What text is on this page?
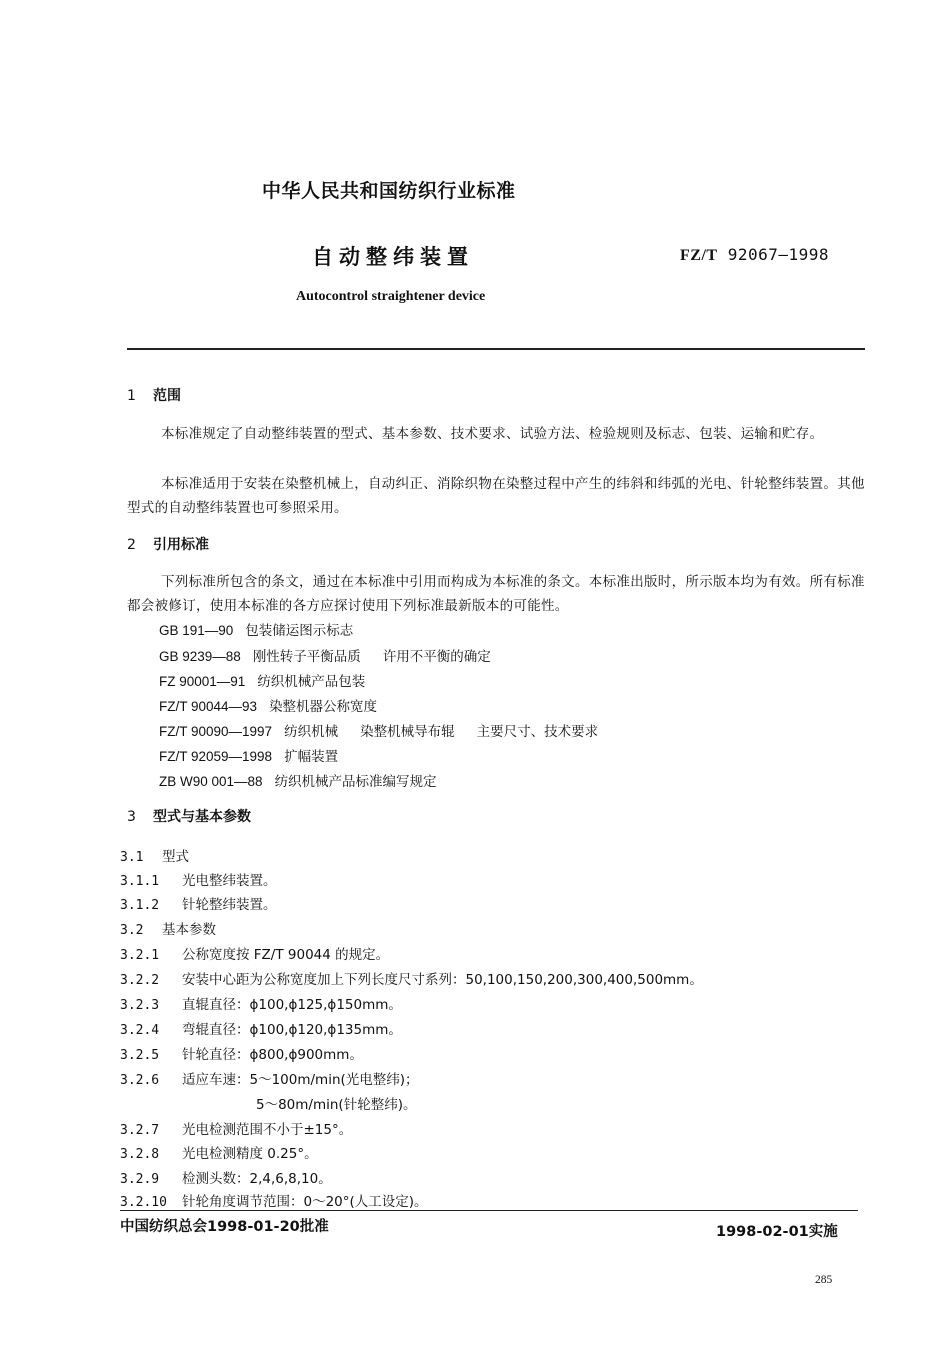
中华人民共和国纺织行业标准
自动整纬装置	FZ/T 92067—1998
Autocontrol straightener device
1 范围
本标准规定了自动整纬装置的型式、基本参数、技术要求、试验方法、检验规则及标志、包装、运输和贮存。
本标准适用于安装在染整机械上，自动纠正、消除织物在染整过程中产生的纬斜和纬弧的光电、针轮整纬装置。其他型式的自动整纬装置也可参照采用。
2 引用标准
下列标准所包含的条文，通过在本标准中引用而构成为本标准的条文。本标准出版时，所示版本均为有效。所有标准都会被修订，使用本标准的各方应探讨使用下列标准最新版本的可能性。
GB 191—90 包装储运图示标志
GB 9239—88 刚性转子平衡品质 许用不平衡的确定
FZ 90001—91 纺织机械产品包装
FZ/T 90044—93 染整机器公称宽度
FZ/T 90090—1997 纺织机械 染整机械导布辊 主要尺寸、技术要求
FZ/T 92059—1998 扩幅装置
ZB W90 001—88 纺织机械产品标准编写规定
3 型式与基本参数
3.1 型式
3.1.1 光电整纬装置。
3.1.2 针轮整纬装置。
3.2 基本参数
3.2.1 公称宽度按 FZ/T 90044 的规定。
3.2.2 安装中心距为公称宽度加上下列长度尺寸系列：50,100,150,200,300,400,500mm。
3.2.3 直辊直径：ϕ100,ϕ125,ϕ150mm。
3.2.4 弯辊直径：ϕ100,ϕ120,ϕ135mm。
3.2.5 针轮直径：ϕ800,ϕ900mm。
3.2.6 适应车速：5～100m/min(光电整纬)；
5～80m/min(针轮整纬)。
3.2.7 光电检测范围不小于±15°。
3.2.8 光电检测精度 0.25°。
3.2.9 检测头数：2,4,6,8,10。
3.2.10 针轮角度调节范围：0～20°(人工设定)。
中国纺织总会1998-01-20批准	1998-02-01实施
285
